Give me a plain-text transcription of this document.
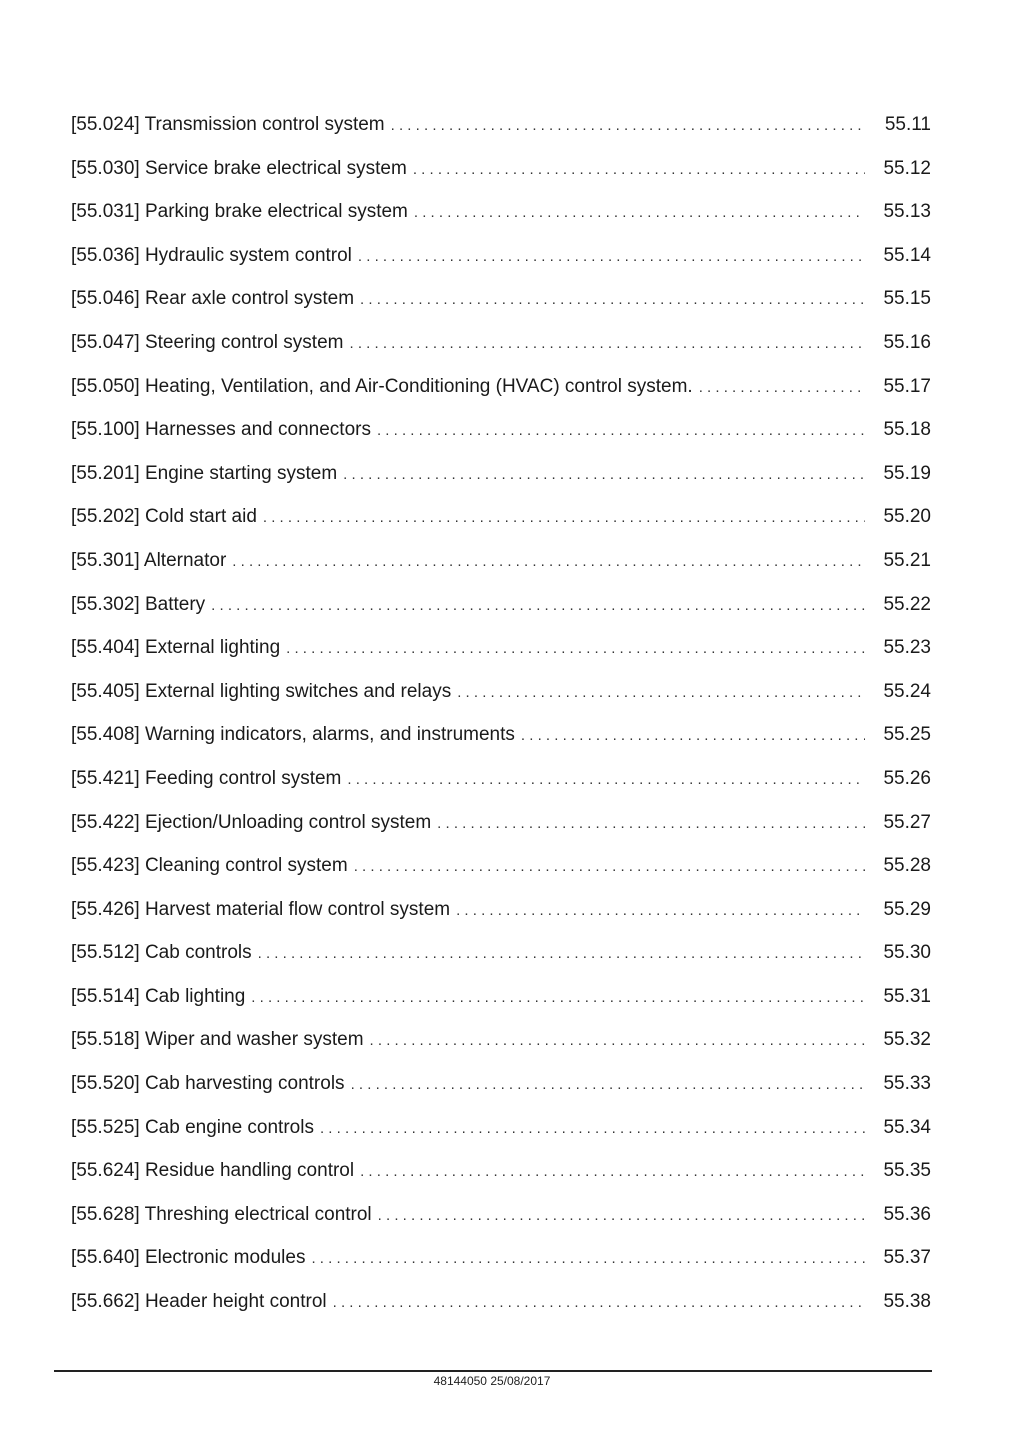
[55.024] Transmission control system . . .	55.11
[55.030] Service brake electrical system . . .	55.12
[55.031] Parking brake electrical system . . .	55.13
[55.036] Hydraulic system control . . .	55.14
[55.046] Rear axle control system . . .	55.15
[55.047] Steering control system . . .	55.16
[55.050] Heating, Ventilation, and Air-Conditioning (HVAC) control system. . . .	55.17
[55.100] Harnesses and connectors . . .	55.18
[55.201] Engine starting system . . .	55.19
[55.202] Cold start aid . . .	55.20
[55.301] Alternator . . .	55.21
[55.302] Battery . . .	55.22
[55.404] External lighting . . .	55.23
[55.405] External lighting switches and relays . . .	55.24
[55.408] Warning indicators, alarms, and instruments . . .	55.25
[55.421] Feeding control system . . .	55.26
[55.422] Ejection/Unloading control system . . .	55.27
[55.423] Cleaning control system . . .	55.28
[55.426] Harvest material flow control system . . .	55.29
[55.512] Cab controls . . .	55.30
[55.514] Cab lighting . . .	55.31
[55.518] Wiper and washer system . . .	55.32
[55.520] Cab harvesting controls . . .	55.33
[55.525] Cab engine controls . . .	55.34
[55.624] Residue handling control . . .	55.35
[55.628] Threshing electrical control . . .	55.36
[55.640] Electronic modules . . .	55.37
[55.662] Header height control . . .	55.38
48144050 25/08/2017
